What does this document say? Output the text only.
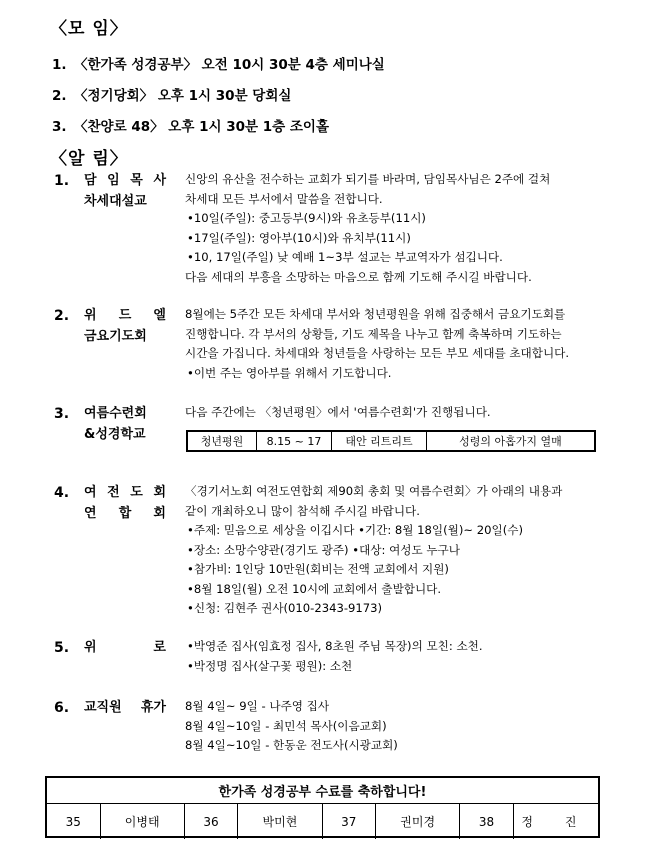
〈모 임〉
1. 〈한가족 성경공부〉 오전 10시 30분 4층 세미나실
2. 〈정기당회〉 오후 1시 30분 당회실
3. 〈찬양로 48〉 오후 1시 30분 1층 조이홀
〈알 림〉
1. 담 임 목 사
차세대설교
신앙의 유산을 전수하는 교회가 되기를 바라며, 담임목사님은 2주에 걸쳐
차세대 모든 부서에서 말씀을 전합니다.
•10일(주일): 중고등부(9시)와 유초등부(11시)
•17일(주일): 영아부(10시)와 유치부(11시)
•10, 17일(주일) 낮 예배 1~3부 설교는 부교역자가 섬깁니다.
다음 세대의 부흥을 소망하는 마음으로 함께 기도해 주시길 바랍니다.
2. 위 드 엘
금요기도회
8월에는 5주간 모든 차세대 부서와 청년평원을 위해 집중해서 금요기도회를
진행합니다. 각 부서의 상황들, 기도 제목을 나누고 함께 축복하며 기도하는
시간을 가집니다. 차세대와 청년들을 사랑하는 모든 부모 세대를 초대합니다.
•이번 주는 영아부를 위해서 기도합니다.
3. 여름수련회
&성경학교
다음 주간에는 〈청년평원〉에서 '여름수련회'가 진행됩니다.
청년평원	8.15 ~ 17	태안 리트리트	성령의 아홉가지 열매
4. 여 전 도 회
연 합 회
〈경기서노회 여전도연합회 제90회 총회 및 여름수련회〉가 아래의 내용과
같이 개최하오니 많이 참석해 주시길 바랍니다.
•주제: 믿음으로 세상을 이깁시다 •기간: 8월 18일(월)~ 20일(수)
•장소: 소망수양관(경기도 광주) •대상: 여성도 누구나
•참가비: 1인당 10만원(회비는 전액 교회에서 지원)
•8월 18일(월) 오전 10시에 교회에서 출발합니다.
•신청: 김현주 권사(010-2343-9173)
5. 위 로 •박영준 집사(임효정 집사, 8초원 주님 목장)의 모친: 소천.
•박정명 집사(살구꽃 평원): 소천
6. 교직원 휴가 8월 4일~ 9일 - 나주영 집사
8월 4일~10일 - 최민석 목사(이음교회)
8월 4일~10일 - 한동운 전도사(시광교회)
한가족 성경공부 수료를 축하합니다!
35	이병태	36	박미현	37	권미경	38	정 진
